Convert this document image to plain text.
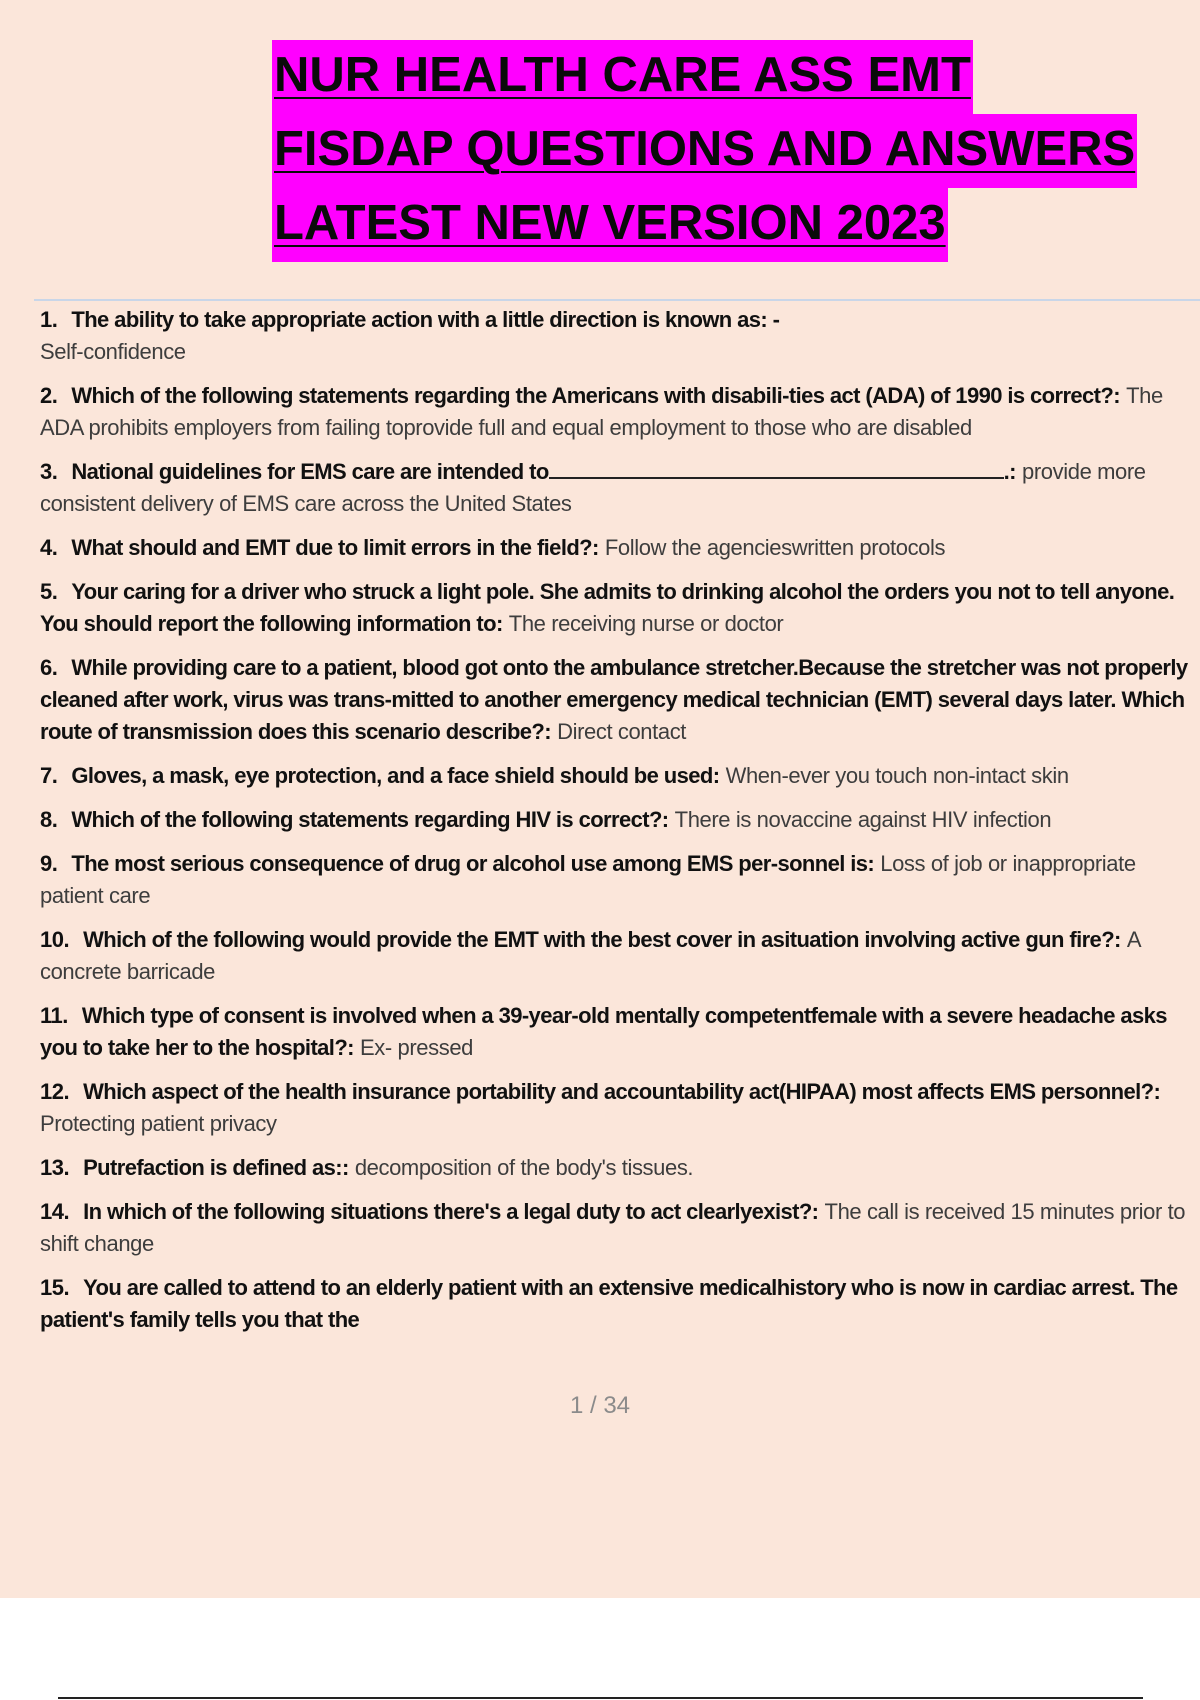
NUR HEALTH CARE ASS EMT
FISDAP QUESTIONS AND ANSWERS
LATEST NEW VERSION 2023
1. The ability to take appropriate action with a little direction is known as: -
Self-confidence
2. Which of the following statements regarding the Americans with disabili-ties act (ADA) of 1990 is correct?: The ADA prohibits employers from failing toprovide full and equal employment to those who are disabled
3. National guidelines for EMS care are intended to	.: provide more consistent delivery of EMS care across the United States
4. What should and EMT due to limit errors in the field?: Follow the agencieswritten protocols
5. Your caring for a driver who struck a light pole. She admits to drinking alcohol the orders you not to tell anyone. You should report the following information to: The receiving nurse or doctor
6. While providing care to a patient, blood got onto the ambulance stretcher.Because the stretcher was not properly cleaned after work, virus was trans-mitted to another emergency medical technician (EMT) several days later. Which route of transmission does this scenario describe?: Direct contact
7. Gloves, a mask, eye protection, and a face shield should be used: When-ever you touch non-intact skin
8. Which of the following statements regarding HIV is correct?: There is novaccine against HIV infection
9. The most serious consequence of drug or alcohol use among EMS per-sonnel is: Loss of job or inappropriate patient care
10. Which of the following would provide the EMT with the best cover in asituation involving active gun fire?: A concrete barricade
11. Which type of consent is involved when a 39-year-old mentally competentfemale with a severe headache asks you to take her to the hospital?: Ex- pressed
12. Which aspect of the health insurance portability and accountability act(HIPAA) most affects EMS personnel?: Protecting patient privacy
13. Putrefaction is defined as:: decomposition of the body's tissues.
14. In which of the following situations there's a legal duty to act clearlyexist?: The call is received 15 minutes prior to shift change
15. You are called to attend to an elderly patient with an extensive medicalhistory who is now in cardiac arrest. The patient's family tells you that the
1 / 34
